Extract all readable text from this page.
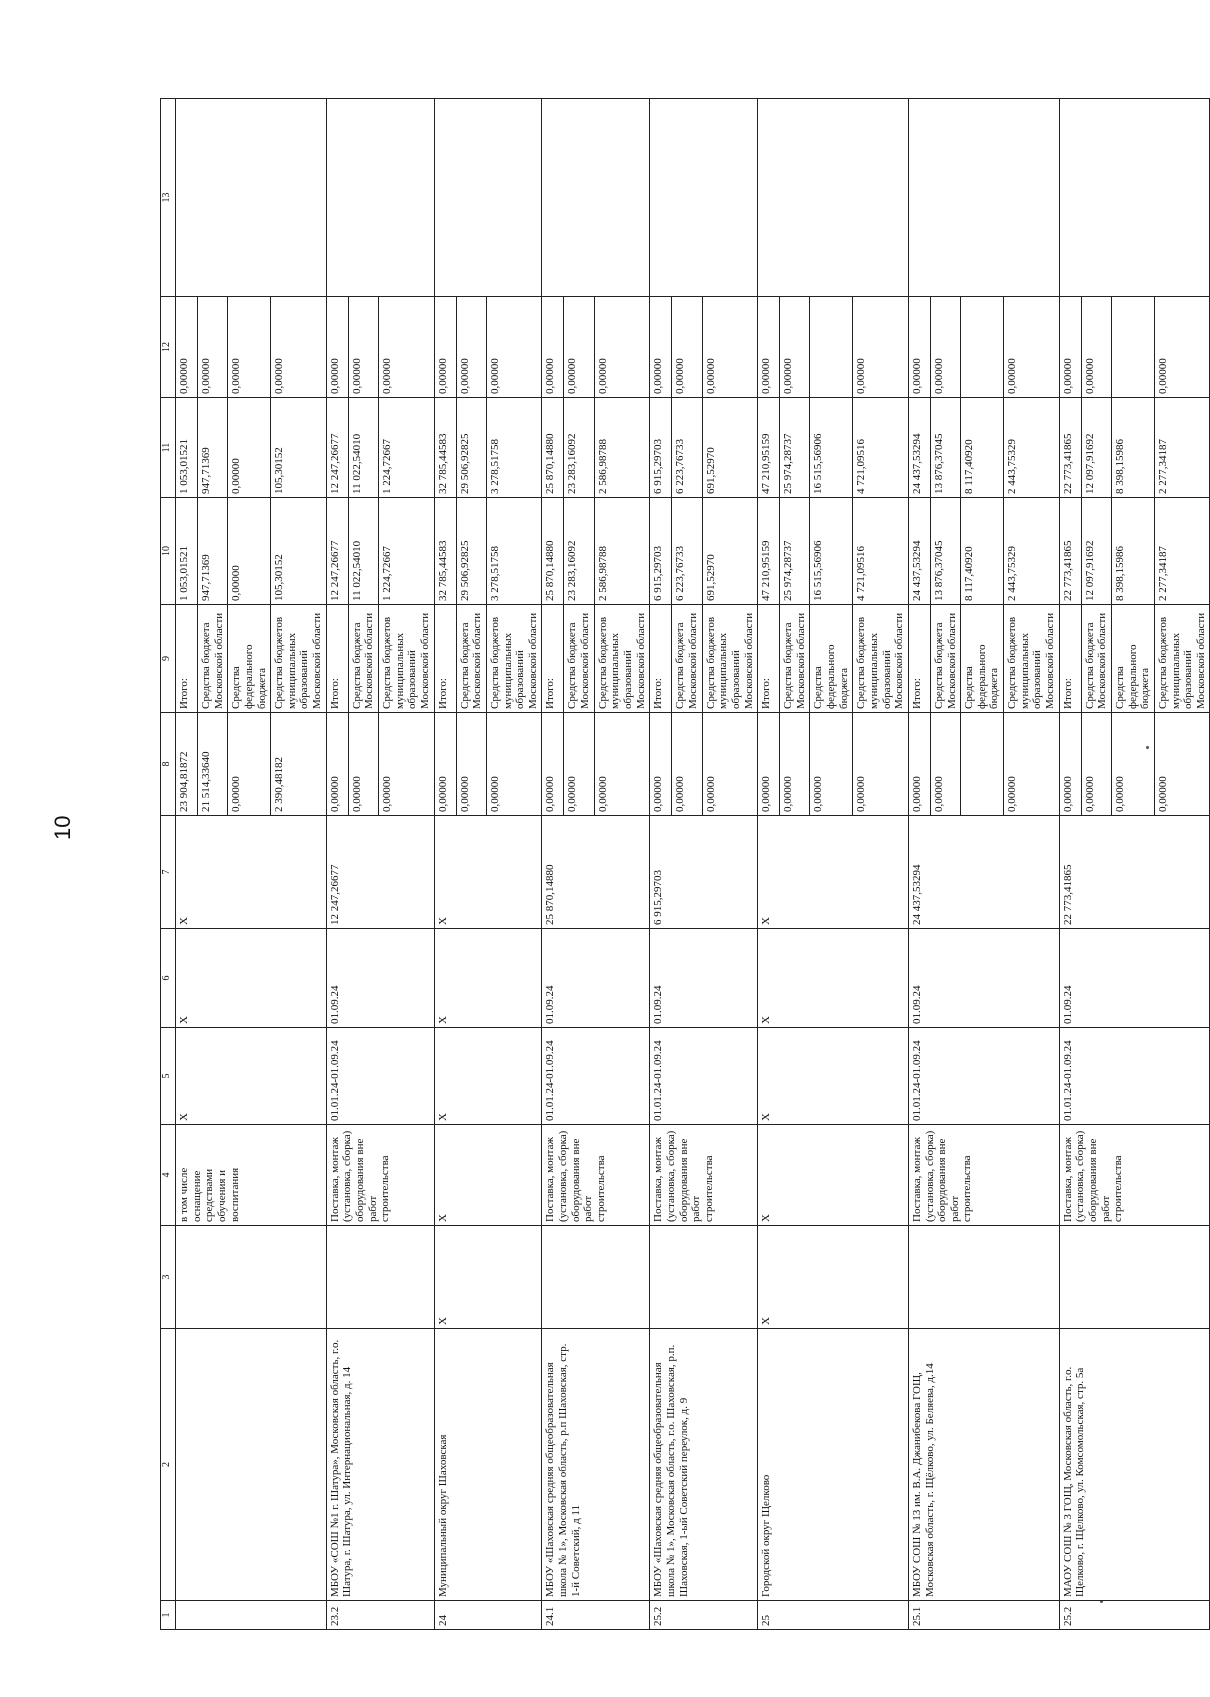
10
1	2	3	4	5	6	7	8	9	10	11	12	13
			в том числе оснащение средствами обучения и воспитания	X	X	X	23 904,81872	Итого:	1 053,01521	1 053,01521	0,00000	
							21 514,33640	Средства бюджета Московской области	947,71369	947,71369	0,00000	
							0,00000	Средства федерального бюджета	0,00000	0,00000	0,00000	
							2 390,48182	Средства бюджетов муниципальных образований Московской области	105,30152	105,30152	0,00000	
23.2	МБОУ «СОШ №1 г. Шатура», Московская область, г.о. Шатура, г. Шатура, ул. Интернациональная, д. 14		Поставка, монтаж (установка, сборка) оборудования вне работ строительства	01.01.24-01.09.24	01.09.24	12 247,26677	0,00000	Итого:	12 247,26677	12 247,26677	0,00000	
							0,00000	Средства бюджета Московской области	11 022,54010	11 022,54010	0,00000	
							0,00000	Средства бюджетов муниципальных образований Московской области	1 224,72667	1 224,72667	0,00000	
24	Муниципальный округ Шаховская	X	X	X	X	X	0,00000	Итого:	32 785,44583	32 785,44583	0,00000	
							0,00000	Средства бюджета Московской области	29 506,92825	29 506,92825	0,00000	
							0,00000	Средства бюджетов муниципальных образований Московской области	3 278,51758	3 278,51758	0,00000	
24.1	МБОУ «Шаховская средняя общеобразовательная школа № 1», Московская область, р.п Шаховская, стр. 1-й Советский, д 11		Поставка, монтаж (установка, сборка) оборудования вне работ строительства	01.01.24-01.09.24	01.09.24	25 870,14880	0,00000	Итого:	25 870,14880	25 870,14880	0,00000	
							0,00000	Средства бюджета Московской области	23 283,16092	23 283,16092	0,00000	
							0,00000	Средства бюджетов муниципальных образований Московской области	2 586,98788	2 586,98788	0,00000	
25.2	МБОУ «Шаховская средняя общеобразовательная школа № 1», Московская область, г.о. Шаховская, р.п. Шаховская, 1-ый Советский переулок, д. 9		Поставка, монтаж (установка, сборка) оборудования вне работ строительства	01.01.24-01.09.24	01.09.24	6 915,29703	0,00000	Итого:	6 915,29703	6 915,29703	0,00000	
							0,00000	Средства бюджета Московской области	6 223,76733	6 223,76733	0,00000	
							0,00000	Средства бюджетов муниципальных образований Московской области	691,52970	691,52970	0,00000	
25	Городской округ Щелково	X	X	X	X	X	0,00000	Итого:	47 210,95159	47 210,95159	0,00000	
							0,00000	Средства бюджета Московской области	25 974,28737	25 974,28737	0,00000	
							0,00000	Средства федерального бюджета	16 515,56906	16 515,56906		
							0,00000	Средства бюджетов муниципальных образований Московской области	4 721,09516	4 721,09516	0,00000	
25.1	МБОУ СОШ № 13 им. В.А. Джанибекова ГОЩ, Московская область, г. Щёлково, ул. Беляева, д.14		Поставка, монтаж (установка, сборка) оборудования вне работ строительства	01.01.24-01.09.24	01.09.24	24 437,53294	0,00000	Итого:	24 437,53294	24 437,53294	0,00000	
							0,00000	Средства бюджета Московской области	13 876,37045	13 876,37045	0,00000	
								Средства федерального бюджета	8 117,40920	8 117,40920		
							0,00000	Средства бюджетов муниципальных образований Московской области	2 443,75329	2 443,75329	0,00000	
25.2	МАОУ СОШ № 3 ГОЩ, Московская область, г.о. Щелково, г. Щелково, ул. Комсомольская, стр. 5а		Поставка, монтаж (установка, сборка) оборудования вне работ строительства	01.01.24-01.09.24	01.09.24	22 773,41865	0,00000	Итого:	22 773,41865	22 773,41865	0,00000	
							0,00000	Средства бюджета Московской области	12 097,91692	12 097,91692	0,00000	
							0,00000	Средства федерального бюджета	8 398,15986	8 398,15986		
							0,00000	Средства бюджетов муниципальных образований Московской области	2 277,34187	2 277,34187	0,00000	
